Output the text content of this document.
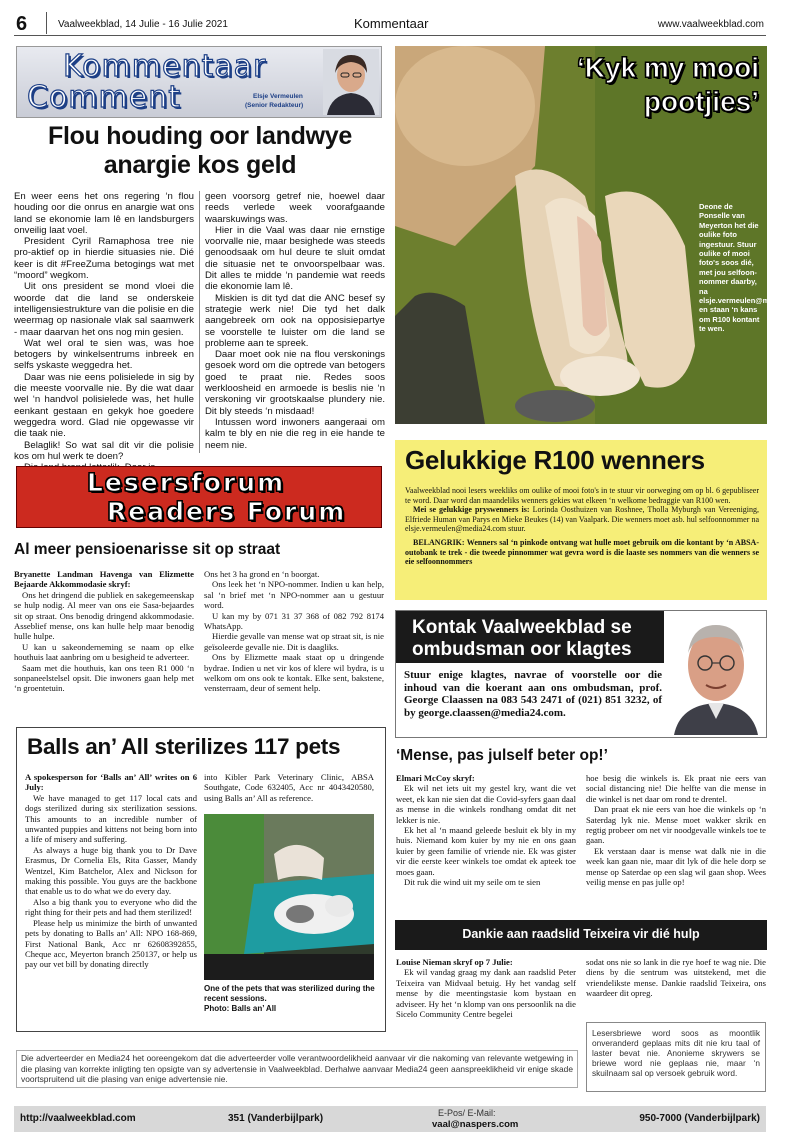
6	Vaalweekblad, 14 Julie - 16 Julie 2021	Kommentaar	www.vaalweekblad.com
Kommentaar
Comment	Elsje Vermeulen
(Senior Redakteur)
Flou houding oor landwye anargie kos geld

En weer eens het ons regering ‘n flou houding oor die onrus en anargie wat ons land se ekonomie lam lê en landsburgers onveilig laat voel.

President Cyril Ramaphosa tree nie pro-aktief op in hierdie situasies nie. Dié keer is dit #FreeZuma betogings wat met “moord” wegkom.

Uit ons president se mond vloei die woorde dat die land se onderskeie intelligensiestrukture van die polisie en die weermag op nasionale vlak sal saamwerk - maar daarvan het ons nog min gesien.

Wat wel oral te sien was, was hoe betogers by winkelsentrums inbreek en selfs yskaste weggedra het.

Daar was nie eens polisielede in sig by die meeste voorvalle nie. By die wat daar wel ‘n handvol polisielede was, het hulle eenkant gestaan en gekyk hoe goedere weggedra word. Glad nie opgewasse vir die taak nie.

Belaglik! So wat sal dit vir die polisie kos om hul werk te doen?

geen voorsorg getref nie, hoewel daar reeds verlede week voorafgaande waarskuwings was.

Hier in die Vaal was daar nie ernstige voorvalle nie, maar besighede was steeds genoodsaak om hul deure te sluit omdat die situasie net te onvoorspelbaar was. Dit alles te midde ‘n pandemie wat reeds die ekonomie lam lê.

Miskien is dit tyd dat die ANC besef sy strategie werk nie! Die tyd het dalk aangebreek om ook na opposisiepartye se voorstelle te luister om die land se probleme aan te spreek.

Daar moet ook nie na flou verskonings gesoek word om die optrede van betogers goed te praat nie. Redes soos werkloosheid en armoede is beslis nie ‘n verskoning vir grootskaalse plundery nie. Dit bly steeds ‘n misdaad!

Intussen word inwoners aangeraai om kalm te bly en nie die reg in eie hande te neem nie.

‘Kyk my mooi
pootjies’
Deone de Ponselle van Meyerton het die oulike foto ingestuur. Stuur oulike of mooi foto's soos dié, met jou selfoon-nommer daarby, na elsje.vermeulen@media24.com en staan ‘n kans om R100 kontant te wen.
Gelukkige R100 wenners
Vaalweekblad nooi lesers weekliks om oulike of mooi foto's in te stuur vir oorweging om op bl. 6 gepubliseer te word. Daar word dan maandeliks wenners gekies wat elkeen ‘n welkome bedraggie van R100 wen.
Mei se gelukkige pryswenners is: Lorinda Oosthuizen van Roshnee, Tholla Myburgh van Vereeniging, Elfriede Human van Parys en Mieke Beukes (14) van Vaalpark. Die wenners moet asb. hul selfoonnommer na elsje.vermeulen@media24.com stuur.
BELANGRIK: Wenners sal ‘n pinkode ontvang wat hulle moet gebruik om die kontant by ‘n ABSA-outobank te trek - die tweede pinnommer wat gevra word is die laaste ses nommers van die wenners se eie selfoonnommers
Lesersforum
Readers Forum
Al meer pensioenarisse sit op straat

Bryanette Landman Havenga van Elizmette Bejaarde Akkommodasie skryf:

Ons het dringend die publiek en sakegemeenskap se hulp nodig. Al meer van ons eie Sasa-bejaardes sit op straat. Ons benodig dringend akkommodasie. Asseblief mense, ons kan hulle help maar benodig hulle hulpe.

U kan u sakeonderneming se naam op elke houthuis laat aanbring om u besigheid te adverteer.

Saam met die houthuis, kan ons teen R1 000 ‘n sonpaneelstelsel opsit. Die inwoners gaan help met ‘n groentetuin.

Ons het 3 ha grond en ‘n boorgat.

Ons leek het ‘n NPO-nommer. Indien u kan help, sal ‘n brief met ‘n NPO-nommer aan u gestuur word.

U kan my by 071 31 37 368 of 082 792 8174 WhatsApp.

Hierdie gevalle van mense wat op straat sit, is nie geïsoleerde gevalle nie. Dit is daagliks.

Ons by Elizmette maak staat op u dringende bydrae. Indien u net vir kos of klere wil bydra, is u welkom om ons ook te kontak. Elke sent, bakstene, vensterraam, deur of sement help.

Kontak Vaalweekblad se
ombudsman oor klagtes
Stuur enige klagtes, navrae of voorstelle oor die inhoud van die koerant aan ons ombudsman, prof. George Claassen na 083 543 2471 of (021) 851 3232, of by george.claassen@media24.com.
Balls an’ All sterilizes 117 pets

A spokesperson for ‘Balls an’ All’ writes on 6 July:

We have managed to get 117 local cats and dogs sterilized during six sterilization sessions. This amounts to an incredible number of unwanted puppies and kittens not being born into a life of misery and suffering.

As always a huge big thank you to Dr Dave Erasmus, Dr Cornelia Els, Rita Gasser, Mandy Wentzel, Kim Batchelor, Alex and Nickson for making this possible. You guys are the backbone that enable us to do what we do every day.

Also a big thank you to everyone who did the right thing for their pets and had them sterilized!

Please help us minimize the birth of unwanted pets by donating to Balls an’ All: NPO 168-869, First National Bank, Acc nr 62608392855, Cheque acc, Meyerton branch 250137, or help us pay our vet bill by donating directly

into Kibler Park Veterinary Clinic, ABSA Southgate, Code 632405, Acc nr 4043420580, using Balls an’ All as reference.
One of the pets that was sterilized during the recent sessions.
Photo: Balls an’ All
‘Mense, pas julself beter op!’

Elmari McCoy skryf:

Ek wil net iets uit my gestel kry, want die vet weet, ek kan nie sien dat die Covid-syfers gaan daal as mense in die winkels rondhang omdat dit net lekker is nie.

Ek het al ‘n maand geleede besluit ek bly in my huis. Niemand kom kuier by my nie en ons gaan kuier by geen familie of vriende nie. Ek was gister vir die eerste keer winkels toe omdat ek apteek toe moes gaan.

Dit ruk die wind uit my seile om te sien

hoe besig die winkels is. Ek praat nie eers van social distancing nie! Die helfte van die mense in die winkel is net daar om rond te drentel.

Dan praat ek nie eers van hoe die winkels op ‘n Saterdag lyk nie. Mense moet wakker skrik en regtig probeer om net vir noodgevalle winkels toe te gaan.

Ek verstaan daar is mense wat dalk nie in die week kan gaan nie, maar dit lyk of die hele dorp se mense op Saterdae op een slag wil gaan shop. Wees veilig mense en pas julle op!

Dankie aan raadslid Teixeira vir dié hulp

Louise Nieman skryf op 7 Julie:

Ek wil vandag graag my dank aan raadslid Peter Teixeira van Midvaal betuig. Hy het vandag self mense by die meentingstasie kom bystaan en adviseer. Hy het ‘n klomp van ons persoonlik na die Sicelo Community Centre begelei

sodat ons nie so lank in die rye hoef te wag nie. Die diens by die sentrum was uitstekend, met die vriendelikste mense. Dankie raadslid Teixeira, ons waardeer dit opreg.
Lesersbriewe word soos as moontlik onveranderd geplaas mits dit nie kru taal of laster bevat nie. Anonieme skrywers se briewe word nie geplaas nie, maar ‘n skuilnaam sal op versoek gebruik word.
Die adverteerder en Media24 het ooreengekom dat die adverteerder volle verantwoordelikheid aanvaar vir die nakoming van relevante wetgewing in die plasing van korrekte inligting ten opsigte van sy advertensie in Vaalweekblad. Derhalwe aanvaar Media24 geen aanspreeklikheid vir enige skade voortspruitend uit die plasing van enige advertensie nie.
http://vaalweekblad.com	351 (Vanderbijlpark)	E-Pos/ E-Mail:
vaal@naspers.com
950-7000 (Vanderbijlpark)
